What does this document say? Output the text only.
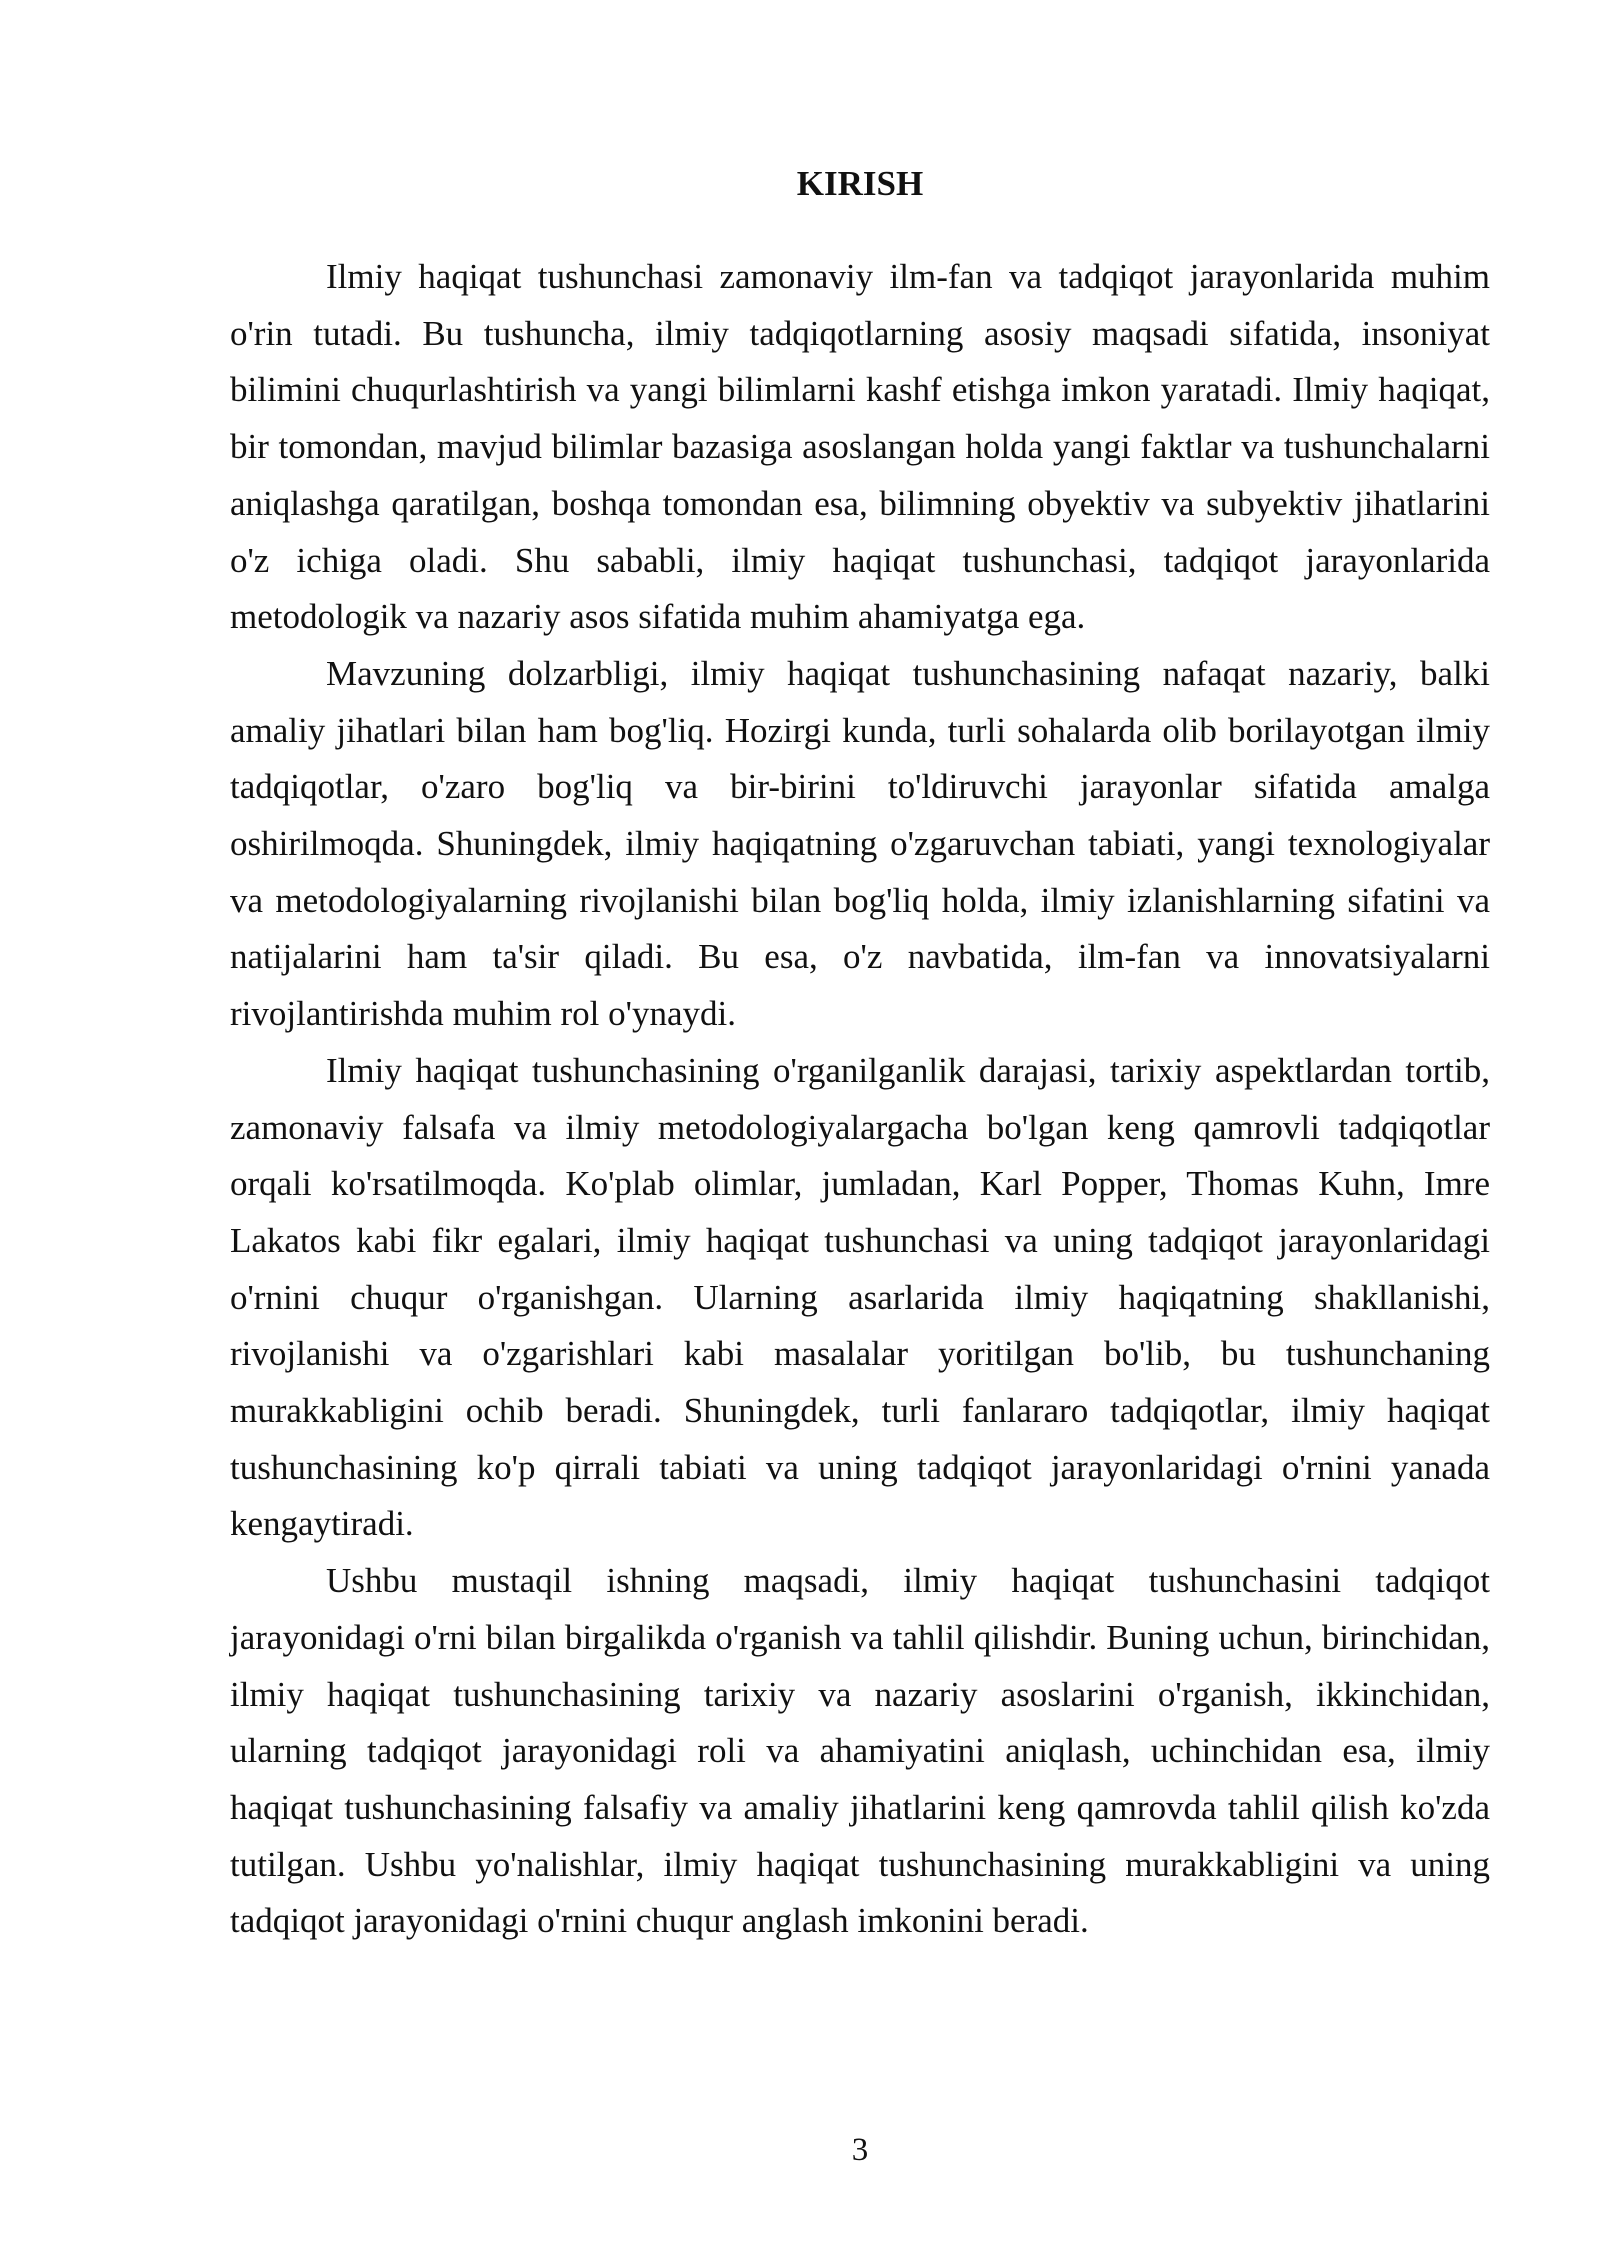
KIRISH

Ilmiy haqiqat tushunchasi zamonaviy ilm-fan va tadqiqot jarayonlarida muhim o'rin tutadi. Bu tushuncha, ilmiy tadqiqotlarning asosiy maqsadi sifatida, insoniyat bilimini chuqurlashtirish va yangi bilimlarni kashf etishga imkon yaratadi. Ilmiy haqiqat, bir tomondan, mavjud bilimlar bazasiga asoslangan holda yangi faktlar va tushunchalarni aniqlashga qaratilgan, boshqa tomondan esa, bilimning obyektiv va subyektiv jihatlarini o'z ichiga oladi. Shu sababli, ilmiy haqiqat tushunchasi, tadqiqot jarayonlarida metodologik va nazariy asos sifatida muhim ahamiyatga ega.

Mavzuning dolzarbligi, ilmiy haqiqat tushunchasining nafaqat nazariy, balki amaliy jihatlari bilan ham bog'liq. Hozirgi kunda, turli sohalarda olib borilayotgan ilmiy tadqiqotlar, o'zaro bog'liq va bir-birini to'ldiruvchi jarayonlar sifatida amalga oshirilmoqda. Shuningdek, ilmiy haqiqatning o'zgaruvchan tabiati, yangi texnologiyalar va metodologiyalarning rivojlanishi bilan bog'liq holda, ilmiy izlanishlarning sifatini va natijalarini ham ta'sir qiladi. Bu esa, o'z navbatida, ilm-fan va innovatsiyalarni rivojlantirishda muhim rol o'ynaydi.

Ilmiy haqiqat tushunchasining o'rganilganlik darajasi, tarixiy aspektlardan tortib, zamonaviy falsafa va ilmiy metodologiyalargacha bo'lgan keng qamrovli tadqiqotlar orqali ko'rsatilmoqda. Ko'plab olimlar, jumladan, Karl Popper, Thomas Kuhn, Imre Lakatos kabi fikr egalari, ilmiy haqiqat tushunchasi va uning tadqiqot jarayonlaridagi o'rnini chuqur o'rganishgan. Ularning asarlarida ilmiy haqiqatning shakllanishi, rivojlanishi va o'zgarishlari kabi masalalar yoritilgan bo'lib, bu tushunchaning murakkabligini ochib beradi. Shuningdek, turli fanlararo tadqiqotlar, ilmiy haqiqat tushunchasining ko'p qirrali tabiati va uning tadqiqot jarayonlaridagi o'rnini yanada kengaytiradi.

Ushbu mustaqil ishning maqsadi, ilmiy haqiqat tushunchasini tadqiqot jarayonidagi o'rni bilan birgalikda o'rganish va tahlil qilishdir. Buning uchun, birinchidan, ilmiy haqiqat tushunchasining tarixiy va nazariy asoslarini o'rganish, ikkinchidan, ularning tadqiqot jarayonidagi roli va ahamiyatini aniqlash, uchinchidan esa, ilmiy haqiqat tushunchasining falsafiy va amaliy jihatlarini keng qamrovda tahlil qilish ko'zda tutilgan. Ushbu yo'nalishlar, ilmiy haqiqat tushunchasining murakkabligini va uning tadqiqot jarayonidagi o'rnini chuqur anglash imkonini beradi.

3
